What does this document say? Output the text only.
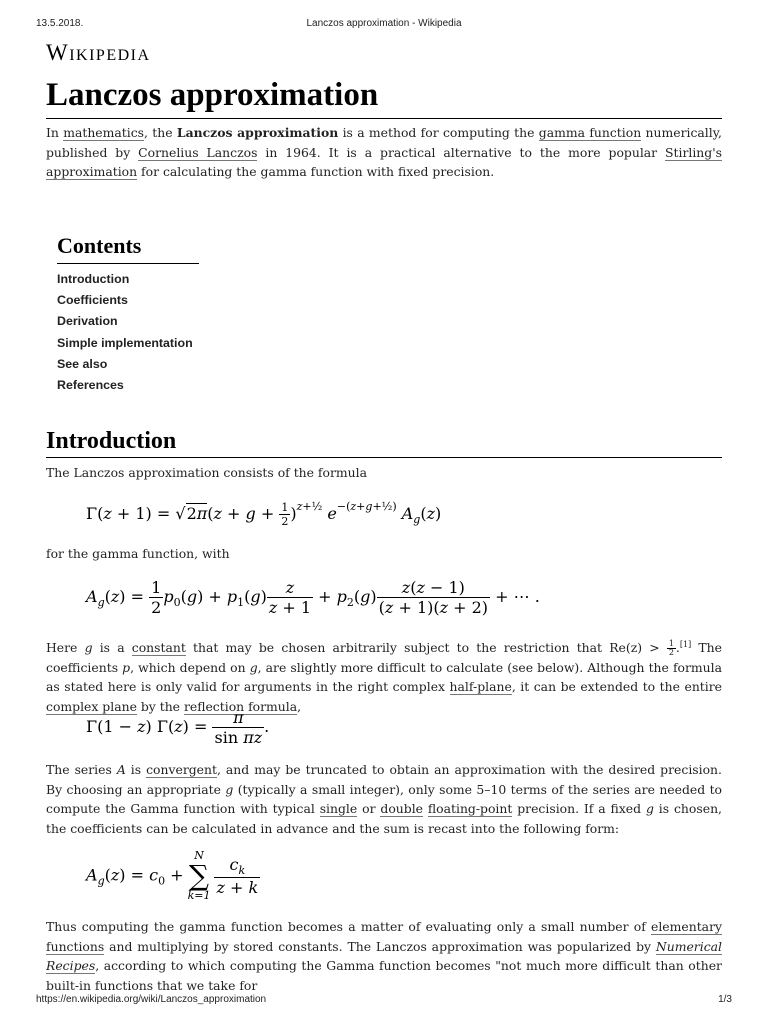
13.5.2018.	Lanczos approximation - Wikipedia
Wikipedia
Lanczos approximation

In mathematics, the Lanczos approximation is a method for computing the gamma function numerically, published by Cornelius Lanczos in 1964. It is a practical alternative to the more popular Stirling's approximation for calculating the gamma function with fixed precision.

Contents
Introduction
Coefficients
Derivation
Simple implementation
See also
References
Introduction

The Lanczos approximation consists of the formula

$\Gamma(z + 1) = √2\pi(z + g + \frac{1}{2} )^{z+\frac{1}{2}}$ $e^{-(z+g+\frac{1}{2})}$ $A_g(z)$

for the gamma function, with

$A_g(z) = \frac{1}{2} p_0(g) + p_1(g) \frac{z}{z + 1} + p_2(g) \frac{z(z - 1)}{(z + 1)(z + 2)}$ + ⋯ .

Here g is a constant that may be chosen arbitrarily subject to the restriction that $Re(z) > \frac{1}{2} .[1]$ The coefficients p, which depend on g, are slightly more difficult to calculate (see below). Although the formula as stated here is only valid for arguments in the right complex half-plane, it can be extended to the entire complex plane by the reflection formula,

Γ(1 − z) $\Gamma(z) = \frac{\pi}{\text{sin πz}}$ .

The series A is convergent, and may be truncated to obtain an approximation with the desired precision. By choosing an appropriate g (typically a small integer), only some 5–10 terms of the series are needed to compute the Gamma function with typical single or double floating-point precision. If a fixed g is chosen, the coefficients can be calculated in advance and the sum is recast into the following form:

$A_g(z) = c_0$ +
N
∑
$k=1 \frac{c_k}{z + k}$

Thus computing the gamma function becomes a matter of evaluating only a small number of elementary functions and multiplying by stored constants. The Lanczos approximation was popularized by Numerical Recipes, according to which computing the Gamma function becomes "not much more difficult than other built-in functions that we take for

https://en.wikipedia.org/wiki/Lanczos_approximation	1/3
